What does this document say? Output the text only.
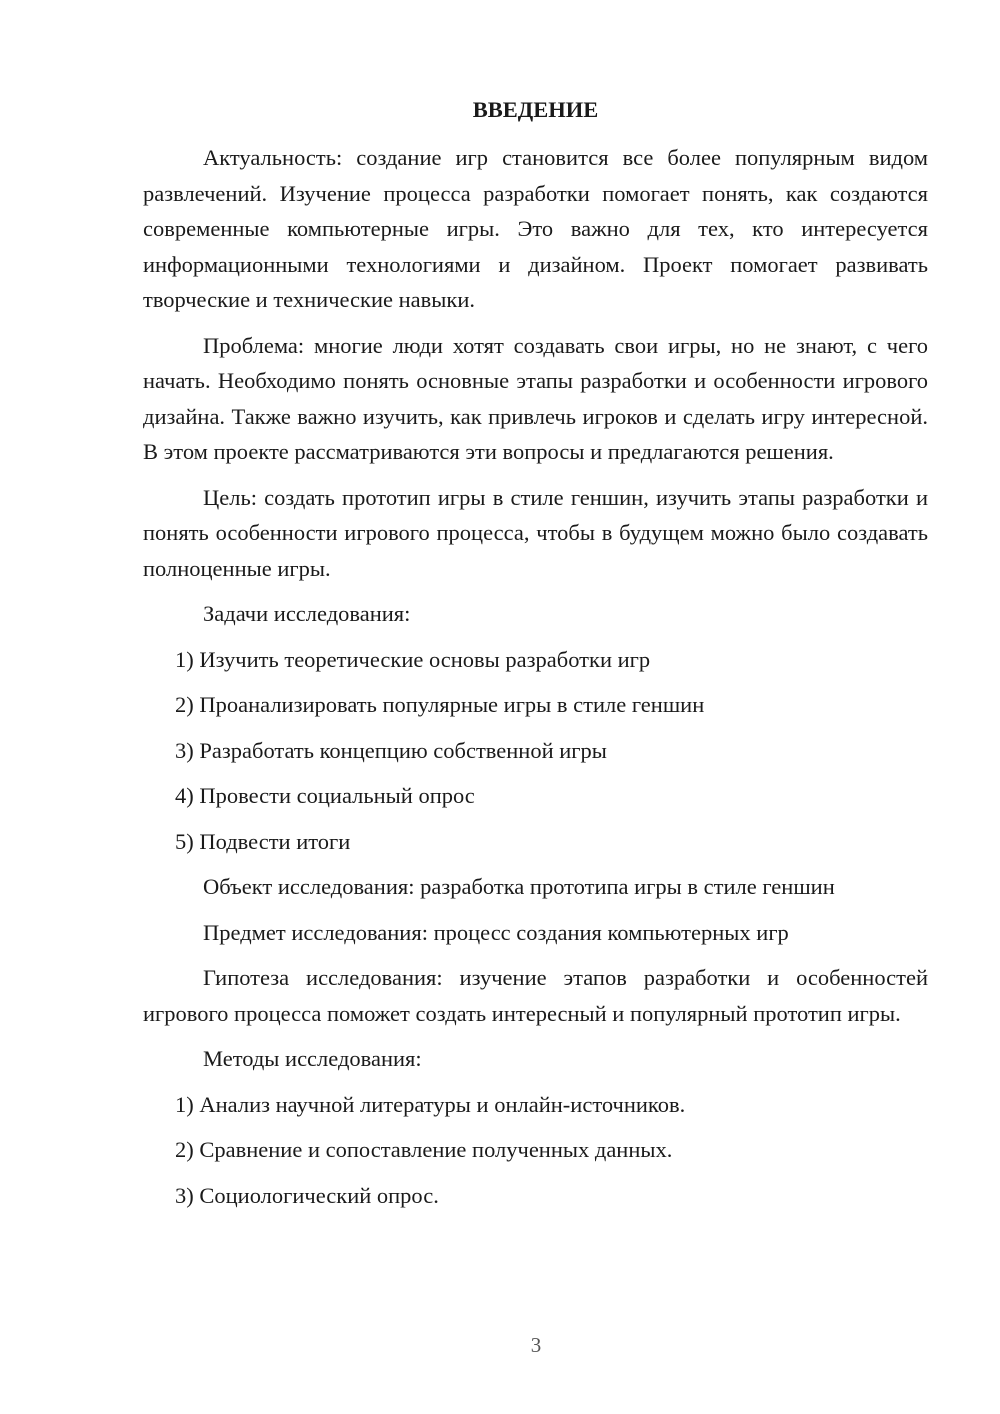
ВВЕДЕНИЕ

Актуальность: создание игр становится все более популярным видом развлечений. Изучение процесса разработки помогает понять, как создаются современные компьютерные игры. Это важно для тех, кто интересуется информационными технологиями и дизайном. Проект помогает развивать творческие и технические навыки.

Проблема: многие люди хотят создавать свои игры, но не знают, с чего начать. Необходимо понять основные этапы разработки и особенности игрового дизайна. Также важно изучить, как привлечь игроков и сделать игру интересной. В этом проекте рассматриваются эти вопросы и предлагаются решения.

Цель: создать прототип игры в стиле геншин, изучить этапы разработки и понять особенности игрового процесса, чтобы в будущем можно было создавать полноценные игры.

Задачи исследования:
1) Изучить теоретические основы разработки игр
2) Проанализировать популярные игры в стиле геншин
3) Разработать концепцию собственной игры
4) Провести социальный опрос
5) Подвести итоги
Объект исследования: разработка прототипа игры в стиле геншин
Предмет исследования: процесс создания компьютерных игр

Гипотеза исследования: изучение этапов разработки и особенностей игрового процесса поможет создать интересный и популярный прототип игры.

Методы исследования:
1) Анализ научной литературы и онлайн-источников.
2) Сравнение и сопоставление полученных данных.
3) Социологический опрос.
3
